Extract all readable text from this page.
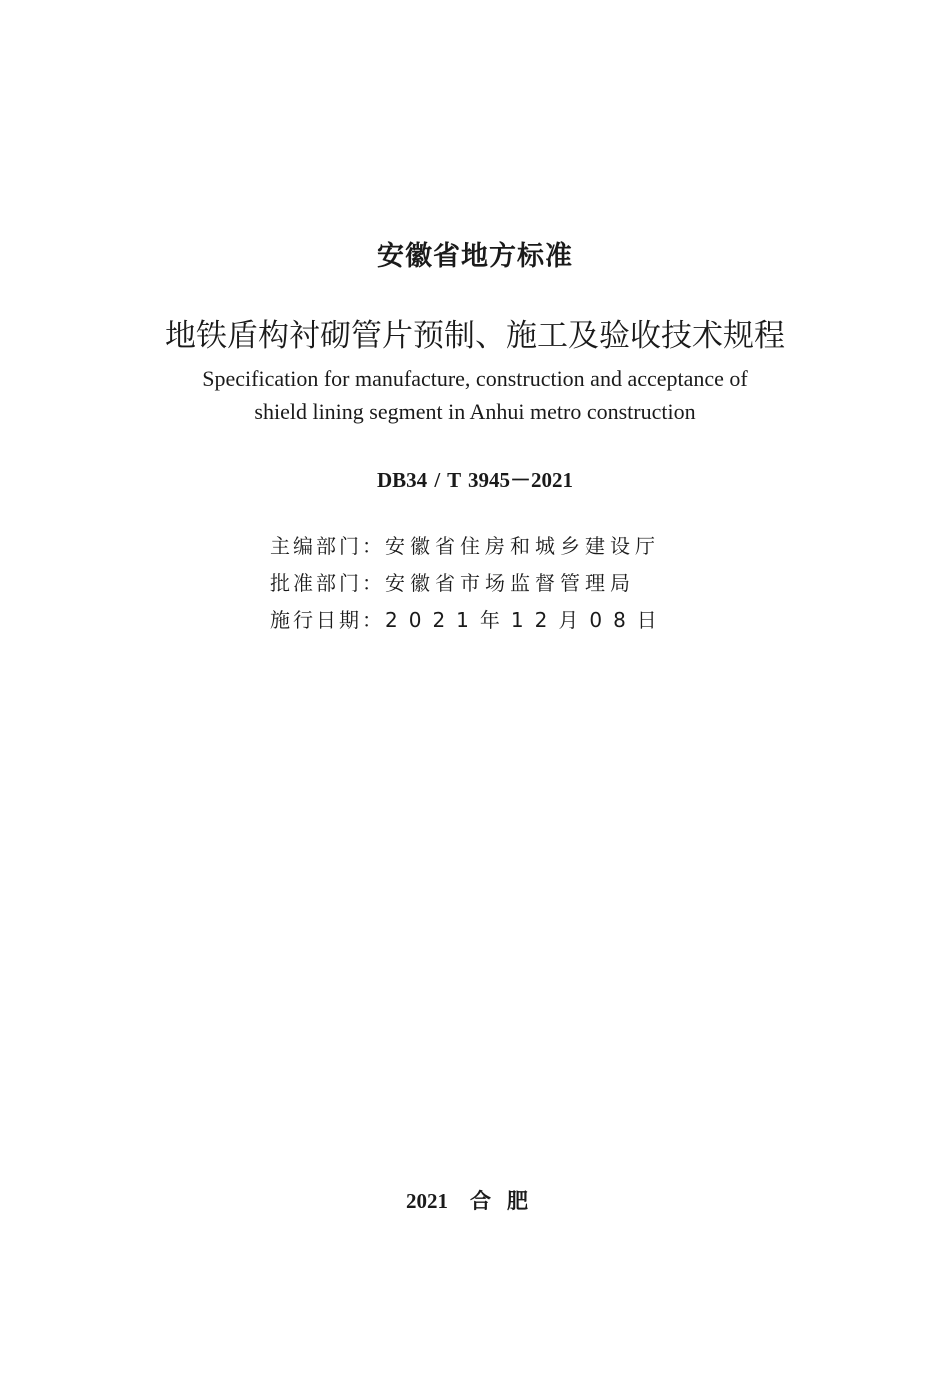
安徽省地方标准
地铁盾构衬砌管片预制、施工及验收技术规程
Specification for manufacture, construction and acceptance of
shield lining segment in Anhui metro construction
DB34 / T 3945－2021
主编部门：安徽省住房和城乡建设厅
批准部门：安徽省市场监督管理局
施行日期：2021年12月08日
2021 合肥
